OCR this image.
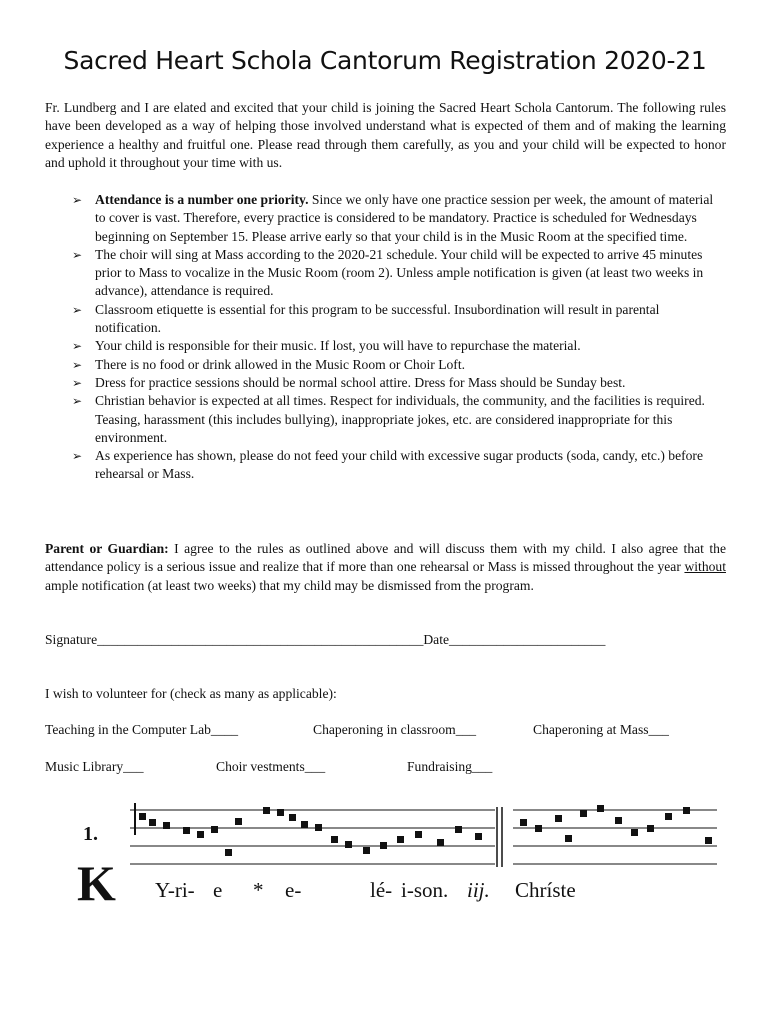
Sacred Heart Schola Cantorum Registration 2020-21

Fr. Lundberg and I are elated and excited that your child is joining the Sacred Heart Schola Cantorum. The following rules have been developed as a way of helping those involved understand what is expected of them and of making the learning experience a healthy and fruitful one. Please read through them carefully, as you and your child will be expected to honor and uphold it throughout your time with us.

➢ Attendance is a number one priority. Since we only have one practice session per week, the amount of material to cover is vast. Therefore, every practice is considered to be mandatory. Practice is scheduled for Wednesdays beginning on September 15. Please arrive early so that your child is in the Music Room at the specified time.
➢ The choir will sing at Mass according to the 2020-21 schedule. Your child will be expected to arrive 45 minutes prior to Mass to vocalize in the Music Room (room 2). Unless ample notification is given (at least two weeks in advance), attendance is required.
➢ Classroom etiquette is essential for this program to be successful. Insubordination will result in parental notification.
➢ Your child is responsible for their music. If lost, you will have to repurchase the material.
➢ There is no food or drink allowed in the Music Room or Choir Loft.
➢ Dress for practice sessions should be normal school attire. Dress for Mass should be Sunday best.
➢ Christian behavior is expected at all times. Respect for individuals, the community, and the facilities is required. Teasing, harassment (this includes bullying), inappropriate jokes, etc. are considered inappropriate for this environment.
➢ As experience has shown, please do not feed your child with excessive sugar products (soda, candy, etc.) before rehearsal or Mass.

Parent or Guardian: I agree to the rules as outlined above and will discuss them with my child. I also agree that the attendance policy is a serious issue and realize that if more than one rehearsal or Mass is missed throughout the year without ample notification (at least two weeks) that my child may be dismissed from the program.

Signature________________________________________________Date_______________________
I wish to volunteer for (check as many as applicable):
Teaching in the Computer Lab____	Chaperoning in classroom___	Chaperoning at Mass___
Music Library___	Choir vestments___	Fundraising___
1.
K Y-ri- e * e-	lé- i-son. iij. Chríste
